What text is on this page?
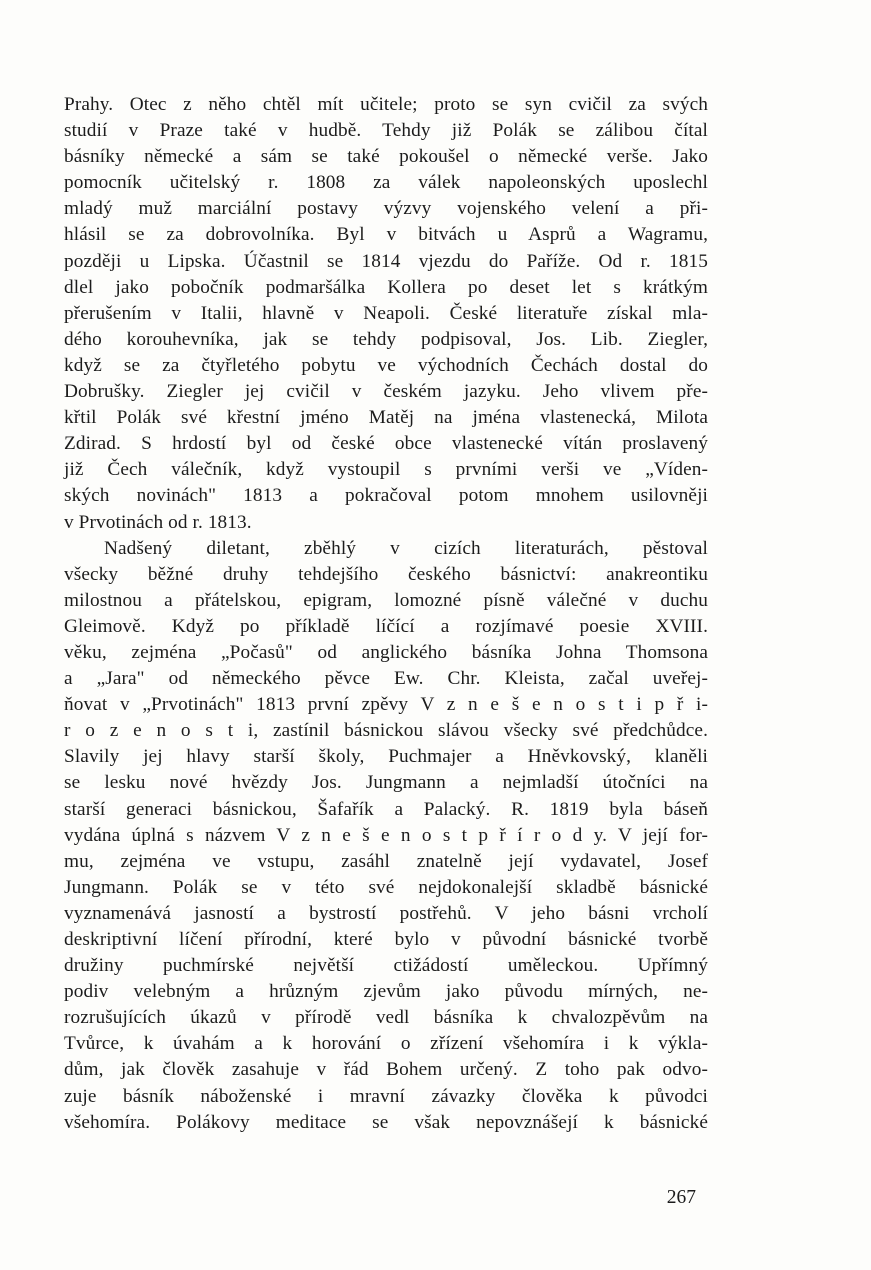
Prahy. Otec z něho chtěl mít učitele; proto se syn cvičil za svých
studií v Praze také v hudbě. Tehdy již Polák se zálibou čítal
básníky německé a sám se také pokoušel o německé verše. Jako
pomocník učitelský r. 1808 za válek napoleonských uposlechl
mladý muž marciální postavy výzvy vojenského velení a při-
hlásil se za dobrovolníka. Byl v bitvách u Asprů a Wagramu,
později u Lipska. Účastnil se 1814 vjezdu do Paříže. Od r. 1815
dlel jako pobočník podmaršálka Kollera po deset let s krátkým
přerušením v Italii, hlavně v Neapoli. České literatuře získal mla-
dého korouhevníka, jak se tehdy podpisoval, Jos. Lib. Ziegler,
když se za čtyřletého pobytu ve východních Čechách dostal do
Dobrušky. Ziegler jej cvičil v českém jazyku. Jeho vlivem pře-
křtil Polák své křestní jméno Matěj na jména vlastenecká, Milota
Zdirad. S hrdostí byl od české obce vlastenecké vítán proslavený
již Čech válečník, když vystoupil s prvními verši ve „Víden-
ských novinách" 1813 a pokračoval potom mnohem usilovněji
v Prvotinách od r. 1813.
Nadšený diletant, zběhlý v cizích literaturách, pěstoval
všecky běžné druhy tehdejšího českého básnictví: anakreontiku
milostnou a přátelskou, epigram, lomozné písně válečné v duchu
Gleimově. Když po příkladě líčící a rozjímavé poesie XVIII.
věku, zejména „Počasů" od anglického básníka Johna Thomsona
a „Jara" od německého pěvce Ew. Chr. Kleista, začal uveřej-
ňovat v „Prvotinách" 1813 první zpěvy V z n e š e n o s t i p ř i-
r o z e n o s t i, zastínil básnickou slávou všecky své předchůdce.
Slavily jej hlavy starší školy, Puchmajer a Hněvkovský, klaněli
se lesku nové hvězdy Jos. Jungmann a nejmladší útočníci na
starší generaci básnickou, Šafařík a Palacký. R. 1819 byla báseň
vydána úplná s názvem V z n e š e n o s t p ř í r o d y. V její for-
mu, zejména ve vstupu, zasáhl znatelně její vydavatel, Josef
Jungmann. Polák se v této své nejdokonalejší skladbě básnické
vyznamenává jasností a bystrostí postřehů. V jeho básni vrcholí
deskriptivní líčení přírodní, které bylo v původní básnické tvorbě
družiny puchmírské největší ctižádostí uměleckou. Upřímný
podiv velebným a hrůzným zjevům jako původu mírných, ne-
rozrušujících úkazů v přírodě vedl básníka k chvalozpěvům na
Tvůrce, k úvahám a k horování o zřízení všehomíra i k výkla-
dům, jak člověk zasahuje v řád Bohem určený. Z toho pak odvo-
zuje básník náboženské i mravní závazky člověka k původci
všehomíra. Polákovy meditace se však nepovznášejí k básnické
267
